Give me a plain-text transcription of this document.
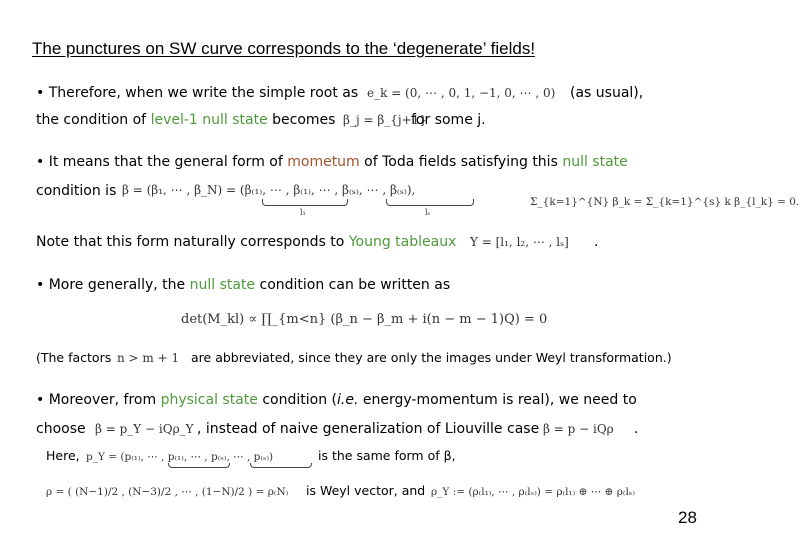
The punctures on SW curve corresponds to the ‘degenerate’ fields!
• Therefore, when we write the simple root as e_k = (0, ⋯ , 0, 1, −1, 0, ⋯ , 0) (as usual),
the condition of level-1 null state becomes β_j = β_{j+1}
for some j.
• It means that the general form of mometum of Toda fields satisfying this null state
condition is β = (β₁, ⋯ , β_N) = (β₍₁₎, ⋯ , β₍₁₎, ⋯ , β₍ₛ₎, ⋯ , β₍ₛ₎),
l₁	lₛ
Σ_{k=1}^{N} β_k = Σ_{k=1}^{s} k β_{l_k} = 0.
Note that this form naturally corresponds to Young tableaux Y = [l₁, l₂, ⋯ , lₛ] .
• More generally, the null state condition can be written as
det(M_kl) ∝ ∏_{m<n} (β_n − β_m + i(n − m − 1)Q) = 0
(The factors n > m + 1 are abbreviated, since they are only the images under Weyl transformation.)
• Moreover, from physical state condition (i.e. energy-momentum is real), we need to
choose β = p_Y − iQρ_Y , instead of naive generalization of Liouville case β = p − iQρ .
Here, p_Y = (p₍₁₎, ⋯ , p₍₁₎, ⋯ , p₍ₛ₎, ⋯ , p₍ₛ₎)	is the same form of β,
ρ = ( (N−1)/2 , (N−3)/2 , ⋯ , (1−N)/2 ) = ρ₍N₎ is Weyl vector, and ρ_Y := (ρ₍l₁₎, ⋯ , ρ₍lₛ₎) = ρ₍l₁₎ ⊕ ⋯ ⊕ ρ₍lₛ₎
28
